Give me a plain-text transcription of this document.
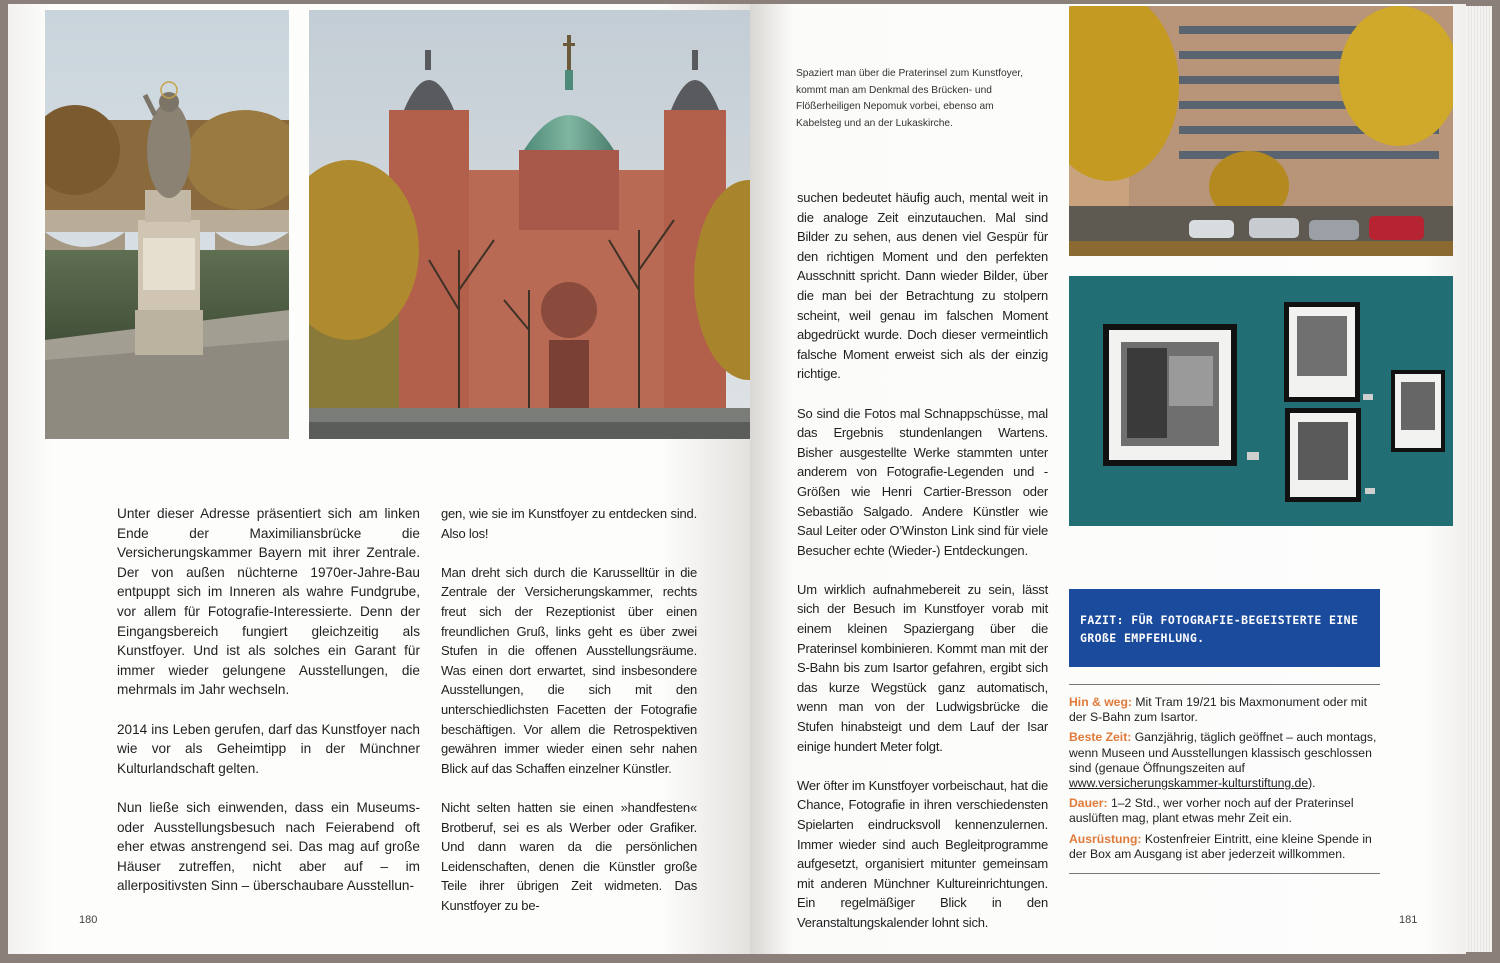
Unter dieser Adresse präsentiert sich am linken Ende der Maximiliansbrücke die Versicherungskammer Bayern mit ihrer Zentrale. Der von außen nüchterne 1970er-Jahre-Bau entpuppt sich im Inneren als wahre Fundgrube, vor allem für Fotografie-Interessierte. Denn der Eingangsbereich fungiert gleichzeitig als Kunstfoyer. Und ist als solches ein Garant für immer wieder gelungene Ausstellungen, die mehrmals im Jahr wechseln.

2014 ins Leben gerufen, darf das Kunstfoyer nach wie vor als Geheimtipp in der Münchner Kulturlandschaft gelten.

Nun ließe sich einwenden, dass ein Museums- oder Ausstellungsbesuch nach Feierabend oft eher etwas anstrengend sei. Das mag auf große Häuser zutreffen, nicht aber auf – im allerpositivsten Sinn – überschaubare Ausstellun-

gen, wie sie im Kunstfoyer zu entdecken sind. Also los!

Man dreht sich durch die Karusselltür in die Zentrale der Versicherungskammer, rechts freut sich der Rezeptionist über einen freundlichen Gruß, links geht es über zwei Stufen in die offenen Ausstellungsräume. Was einen dort erwartet, sind insbesondere Ausstellungen, die sich mit den unterschiedlichsten Facetten der Fotografie beschäftigen. Vor allem die Retrospektiven gewähren immer wieder einen sehr nahen Blick auf das Schaffen einzelner Künstler.

Nicht selten hatten sie einen »handfesten« Brotberuf, sei es als Werber oder Grafiker. Und dann waren da die persönlichen Leidenschaften, denen die Künstler große Teile ihrer übrigen Zeit widmeten. Das Kunstfoyer zu be-

180
Spaziert man über die Praterinsel zum Kunstfoyer, kommt man am Denkmal des Brücken- und Flößerheiligen Nepomuk vorbei, ebenso am Kabelsteg und an der Lukaskirche.

suchen bedeutet häufig auch, mental weit in die analoge Zeit einzutauchen. Mal sind Bilder zu sehen, aus denen viel Gespür für den richtigen Moment und den perfekten Ausschnitt spricht. Dann wieder Bilder, über die man bei der Betrachtung zu stolpern scheint, weil genau im falschen Moment abgedrückt wurde. Doch dieser vermeintlich falsche Moment erweist sich als der einzig richtige.

So sind die Fotos mal Schnappschüsse, mal das Ergebnis stundenlangen Wartens. Bisher ausgestellte Werke stammten unter anderem von Fotografie-Legenden und -Größen wie Henri Cartier-Bresson oder Sebastião Salgado. Andere Künstler wie Saul Leiter oder O’Winston Link sind für viele Besucher echte (Wieder-) Entdeckungen.

Um wirklich aufnahmebereit zu sein, lässt sich der Besuch im Kunstfoyer vorab mit einem kleinen Spaziergang über die Praterinsel kombinieren. Kommt man mit der S-Bahn bis zum Isartor gefahren, ergibt sich das kurze Wegstück ganz automatisch, wenn man von der Ludwigsbrücke die Stufen hinabsteigt und dem Lauf der Isar einige hundert Meter folgt.

Wer öfter im Kunstfoyer vorbeischaut, hat die Chance, Fotografie in ihren verschiedensten Spielarten eindrucksvoll kennenzulernen. Immer wieder sind auch Begleitprogramme aufgesetzt, organisiert mitunter gemeinsam mit anderen Münchner Kultureinrichtungen. Ein regelmäßiger Blick in den Veranstaltungskalender lohnt sich.

FAZIT: FÜR FOTOGRAFIE-BEGEISTERTE EINE GROßE EMPFEHLUNG.
Hin & weg: Mit Tram 19/21 bis Maxmonument oder mit der S-Bahn zum Isartor.
Beste Zeit: Ganzjährig, täglich geöffnet – auch montags, wenn Museen und Ausstellungen klassisch geschlossen sind (genaue Öffnungszeiten auf www.versicherungskammer-kulturstiftung.de).
Dauer: 1–2 Std., wer vorher noch auf der Praterinsel auslüften mag, plant etwas mehr Zeit ein.
Ausrüstung: Kostenfreier Eintritt, eine kleine Spende in der Box am Ausgang ist aber jederzeit willkommen.
181
